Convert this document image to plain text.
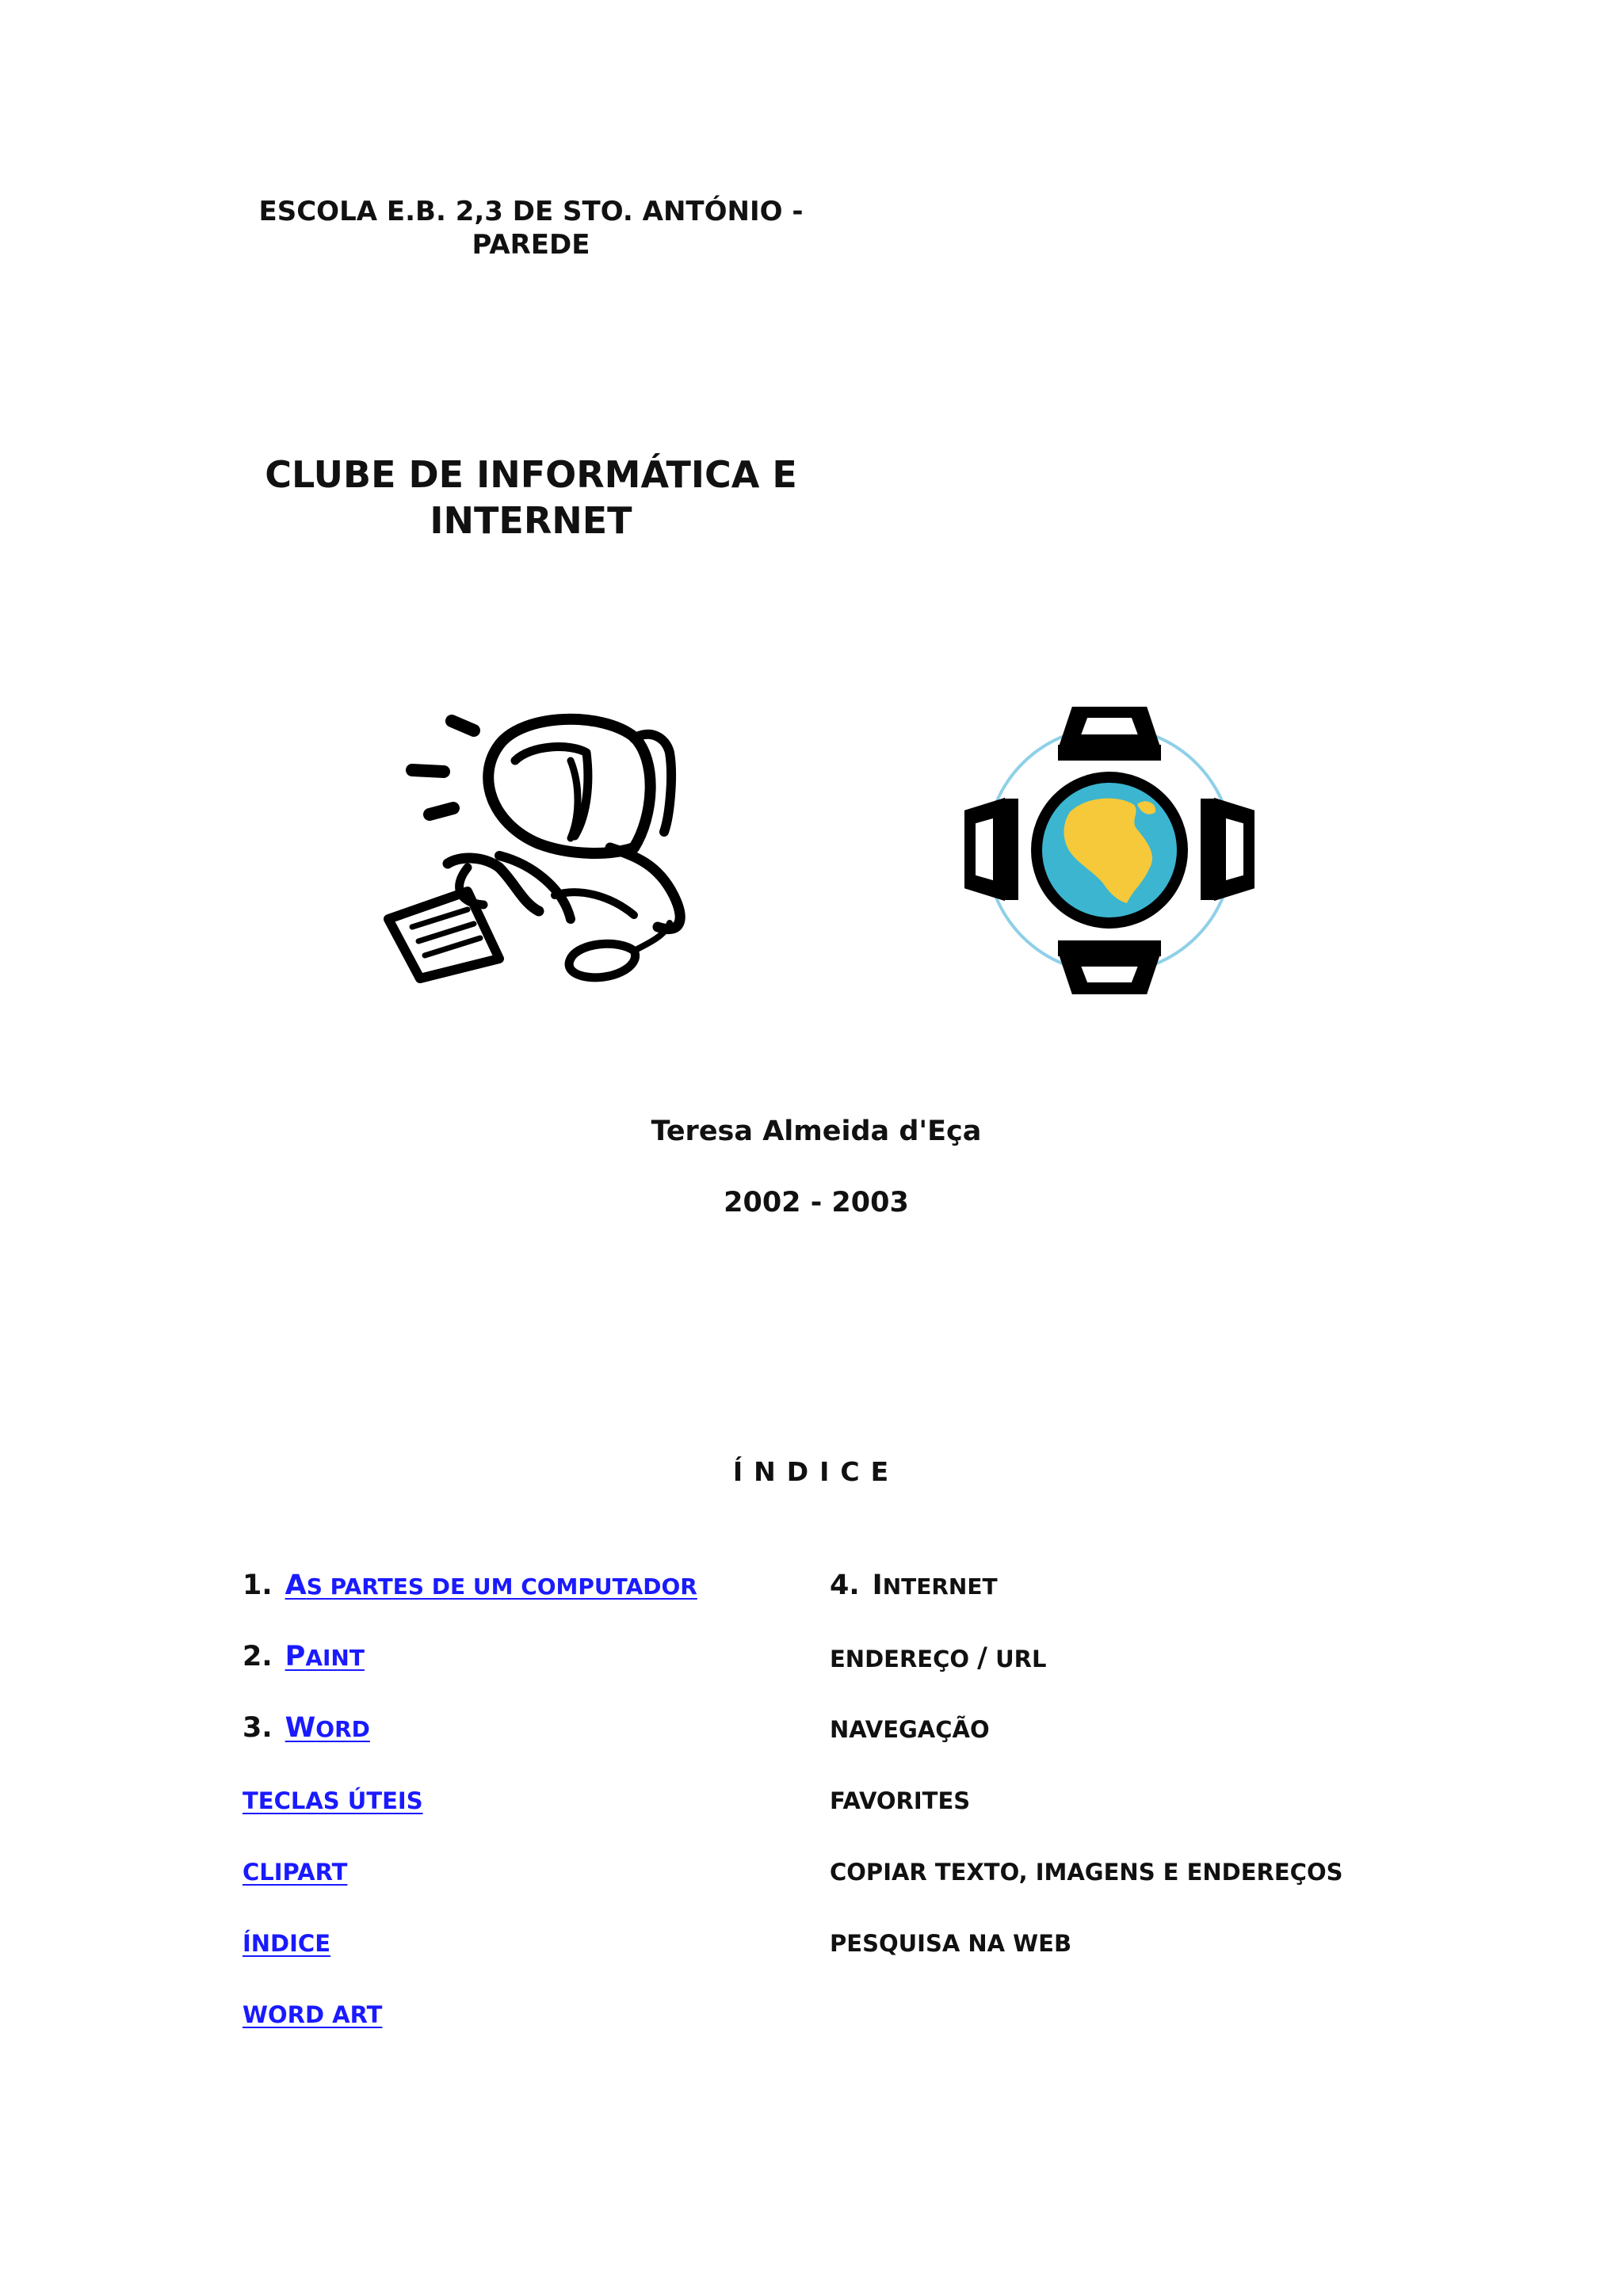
ESCOLA E.B. 2,3 DE STO. ANTÓNIO -
PAREDE
CLUBE DE INFORMÁTICA E
INTERNET
Teresa Almeida d'Eça
2002 - 2003
ÍNDICE
1. AS PARTES DE UM COMPUTADOR
2. PAINT
3. WORD
TECLAS ÚTEIS
CLIPART
ÍNDICE
WORD ART
4. INTERNET
ENDEREÇO / URL
NAVEGAÇÃO
FAVORITES
COPIAR TEXTO, IMAGENS E ENDEREÇOS
PESQUISA NA WEB
